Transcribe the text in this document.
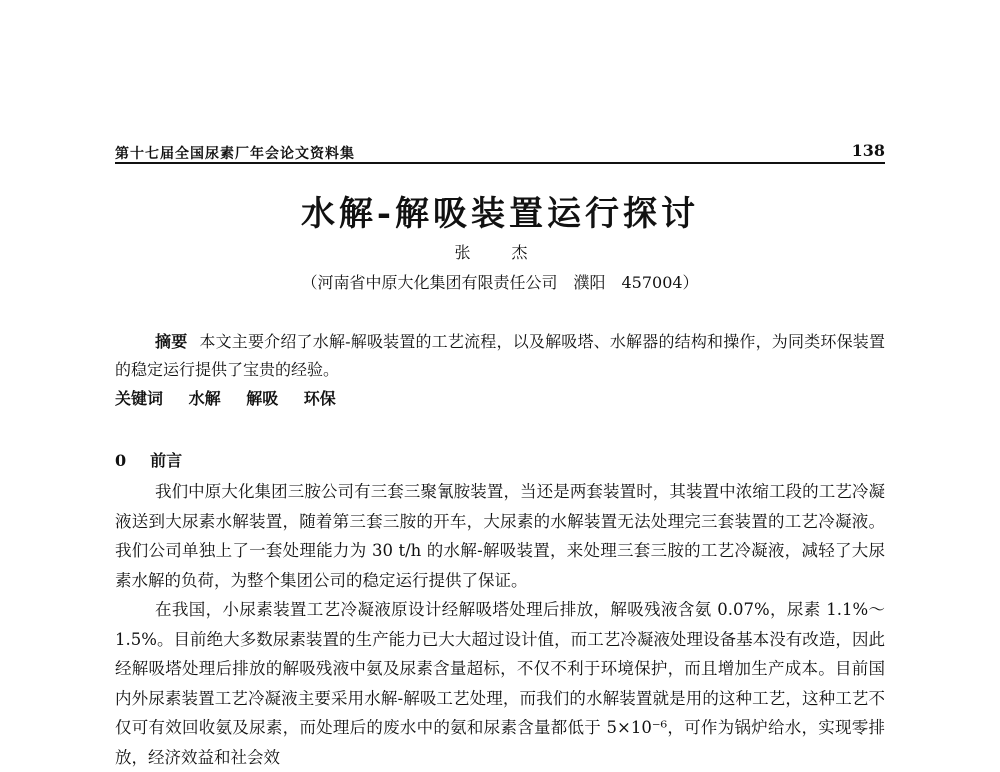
第十七届全国尿素厂年会论文资料集	138
水解-解吸装置运行探讨
张 杰
（河南省中原大化集团有限责任公司 濮阳 457004）
摘要 本文主要介绍了水解-解吸装置的工艺流程，以及解吸塔、水解器的结构和操作，为同类环保装置的稳定运行提供了宝贵的经验。
关键词 水解 解吸 环保
0 前言

我们中原大化集团三胺公司有三套三聚氰胺装置，当还是两套装置时，其装置中浓缩工段的工艺冷凝液送到大尿素水解装置，随着第三套三胺的开车，大尿素的水解装置无法处理完三套装置的工艺冷凝液。我们公司单独上了一套处理能力为 30 t/h 的水解-解吸装置，来处理三套三胺的工艺冷凝液，减轻了大尿素水解的负荷，为整个集团公司的稳定运行提供了保证。

在我国，小尿素装置工艺冷凝液原设计经解吸塔处理后排放，解吸残液含氨 0.07%，尿素 1.1%～1.5%。目前绝大多数尿素装置的生产能力已大大超过设计值，而工艺冷凝液处理设备基本没有改造，因此经解吸塔处理后排放的解吸残液中氨及尿素含量超标，不仅不利于环境保护，而且增加生产成本。目前国内外尿素装置工艺冷凝液主要采用水解-解吸工艺处理，而我们的水解装置就是用的这种工艺，这种工艺不仅可有效回收氨及尿素，而处理后的废水中的氨和尿素含量都低于 5×10⁻⁶，可作为锅炉给水，实现零排放，经济效益和社会效
